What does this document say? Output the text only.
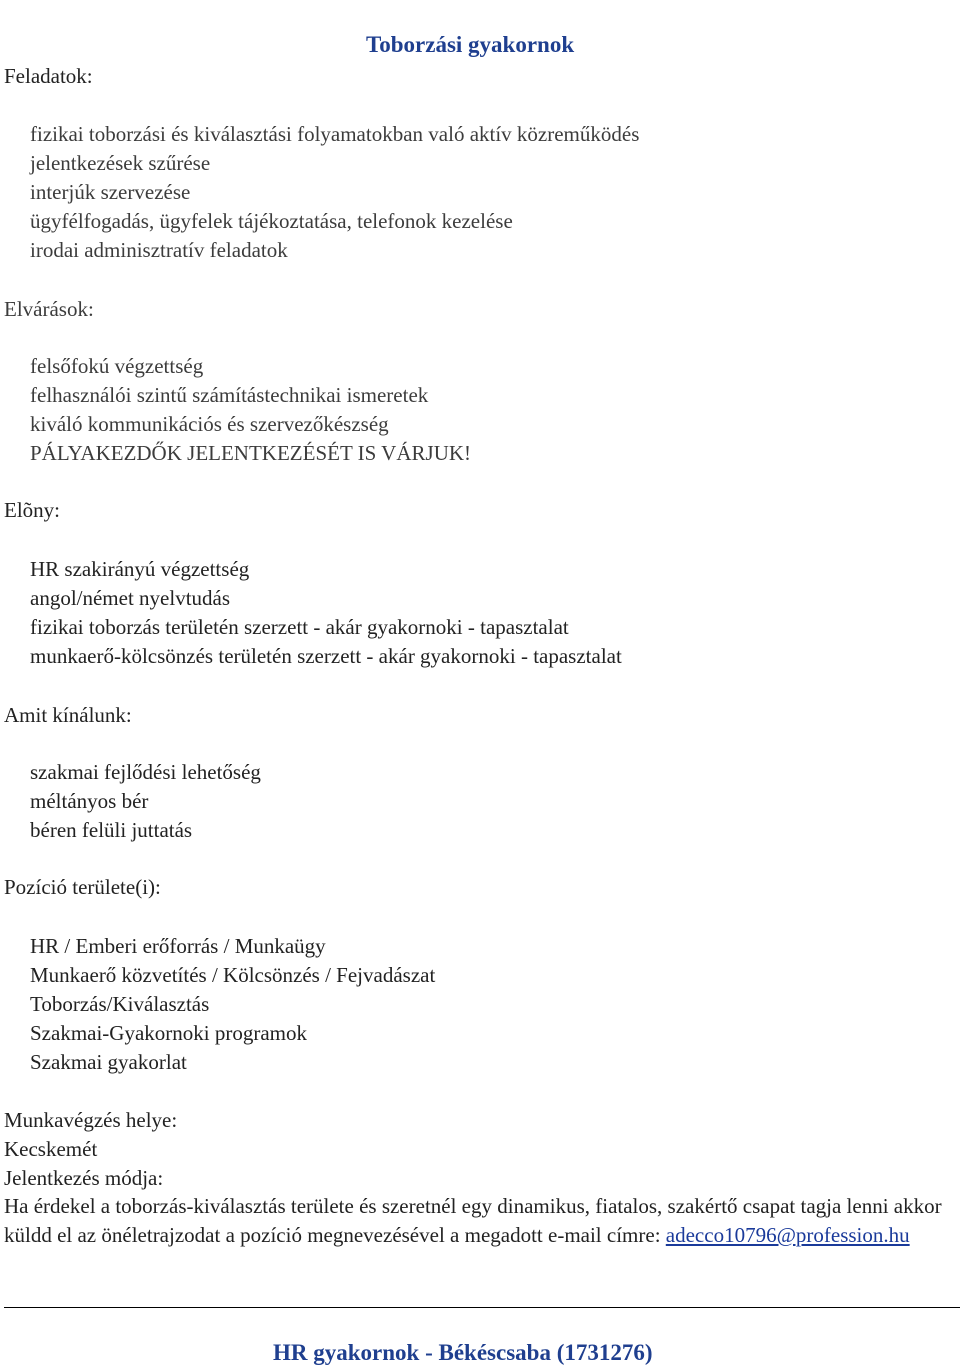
Toborzási gyakornok
Feladatok:
fizikai toborzási és kiválasztási folyamatokban való aktív közreműködés
jelentkezések szűrése
interjúk szervezése
ügyfélfogadás, ügyfelek tájékoztatása, telefonok kezelése
irodai adminisztratív feladatok
Elvárások:
felsőfokú végzettség
felhasználói szintű számítástechnikai ismeretek
kiváló kommunikációs és szervezőkészség
PÁLYAKEZDŐK JELENTKEZÉSÉT IS VÁRJUK!
Elõny:
HR szakirányú végzettség
angol/német nyelvtudás
fizikai toborzás területén szerzett - akár gyakornoki - tapasztalat
munkaerő-kölcsönzés területén szerzett - akár gyakornoki - tapasztalat
Amit kínálunk:
szakmai fejlődési lehetőség
méltányos bér
béren felüli juttatás
Pozíció területe(i):
HR / Emberi erőforrás / Munkaügy
Munkaerő közvetítés / Kölcsönzés / Fejvadászat
Toborzás/Kiválasztás
Szakmai-Gyakornoki programok
Szakmai gyakorlat
Munkavégzés helye:
Kecskemét
Jelentkezés módja:
Ha érdekel a toborzás-kiválasztás területe és szeretnél egy dinamikus, fiatalos, szakértő csapat tagja lenni akkor küldd el az önéletrajzodat a pozíció megnevezésével a megadott e-mail címre: adecco10796@profession.hu
HR gyakornok - Békéscsaba (1731276)
